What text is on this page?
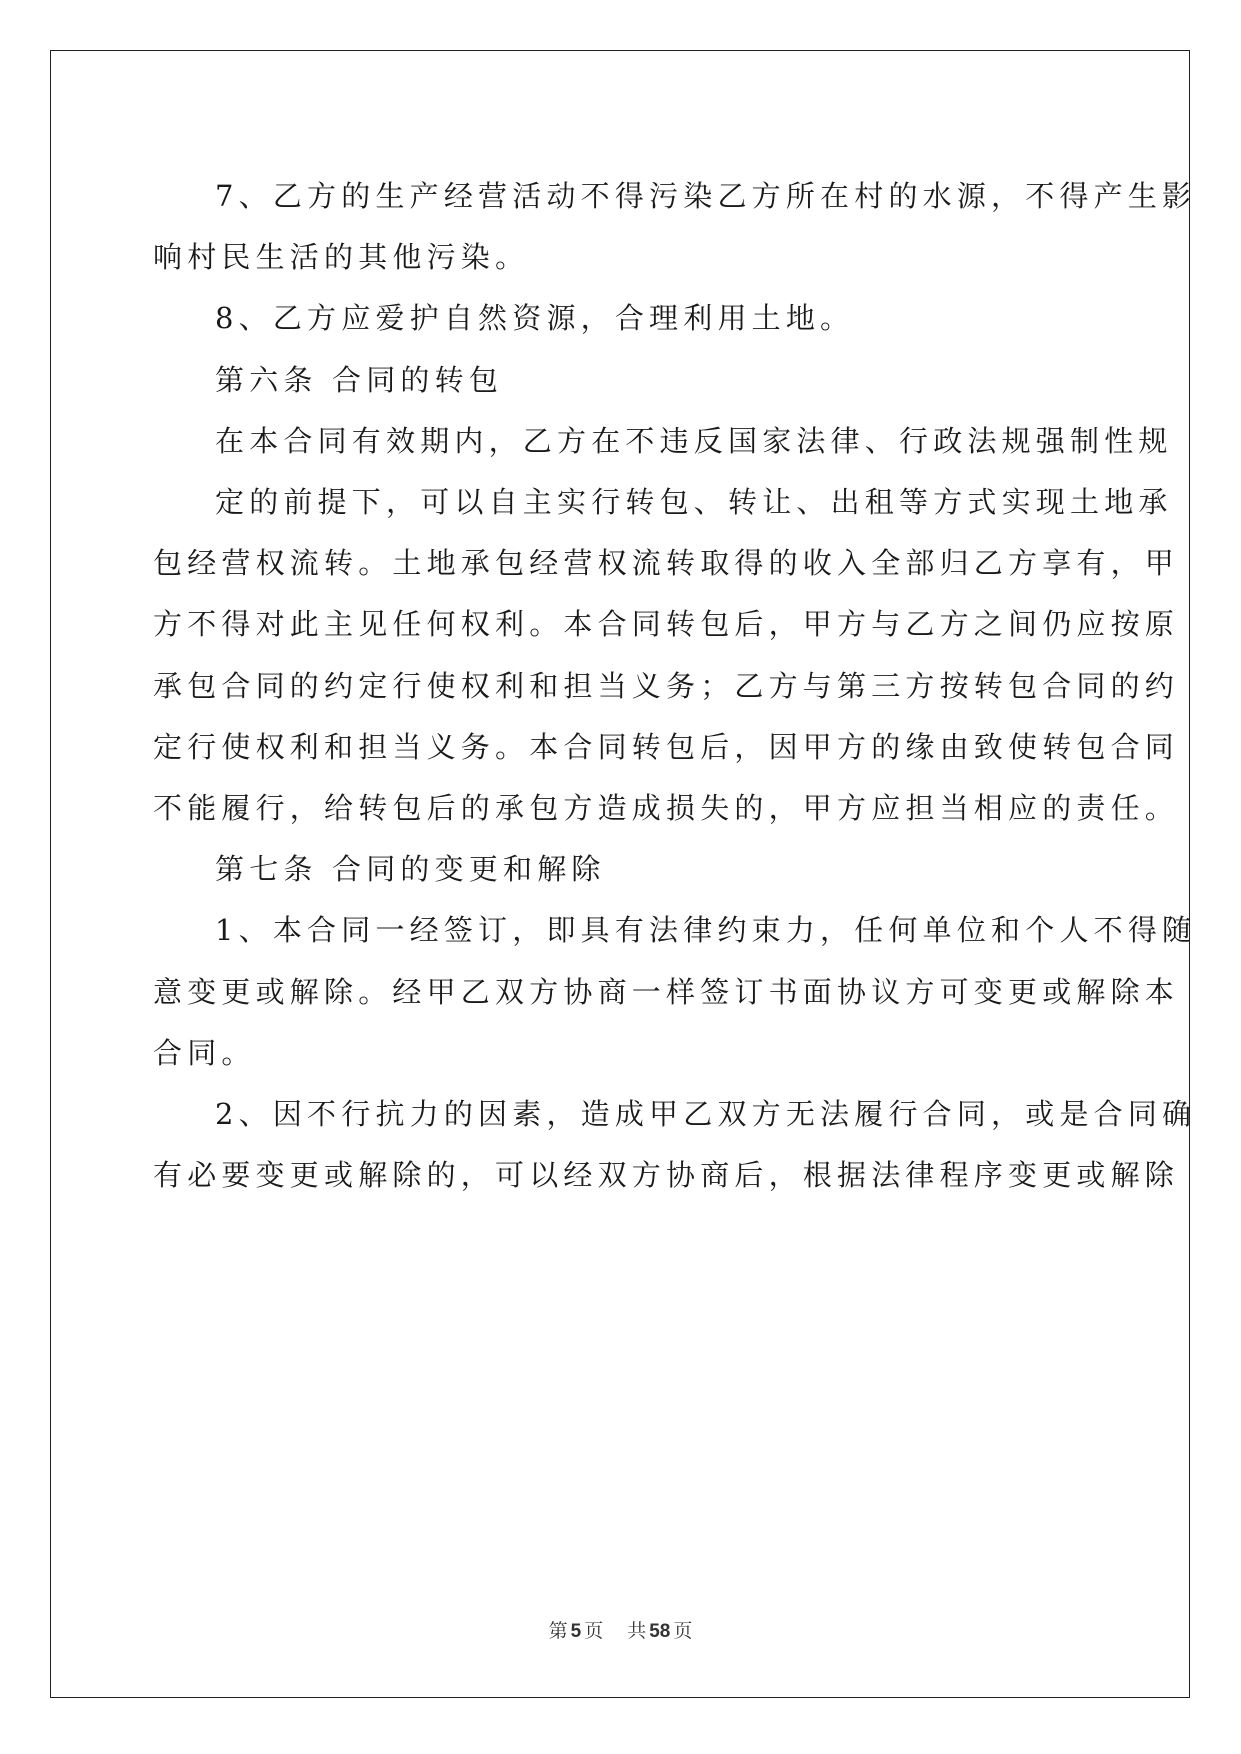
7、乙方的生产经营活动不得污染乙方所在村的水源，不得产生影
响村民生活的其他污染。
8、乙方应爱护自然资源，合理利用土地。
第六条 合同的转包
在本合同有效期内，乙方在不违反国家法律、行政法规强制性规
定的前提下，可以自主实行转包、转让、出租等方式实现土地承
包经营权流转。土地承包经营权流转取得的收入全部归乙方享有，甲
方不得对此主见任何权利。本合同转包后，甲方与乙方之间仍应按原
承包合同的约定行使权利和担当义务；乙方与第三方按转包合同的约
定行使权利和担当义务。本合同转包后，因甲方的缘由致使转包合同
不能履行，给转包后的承包方造成损失的，甲方应担当相应的责任。
第七条 合同的变更和解除
1、本合同一经签订，即具有法律约束力，任何单位和个人不得随
意变更或解除。经甲乙双方协商一样签订书面协议方可变更或解除本
合同。
2、因不行抗力的因素，造成甲乙双方无法履行合同，或是合同确
有必要变更或解除的，可以经双方协商后，根据法律程序变更或解除
第 5 页 共 58 页
